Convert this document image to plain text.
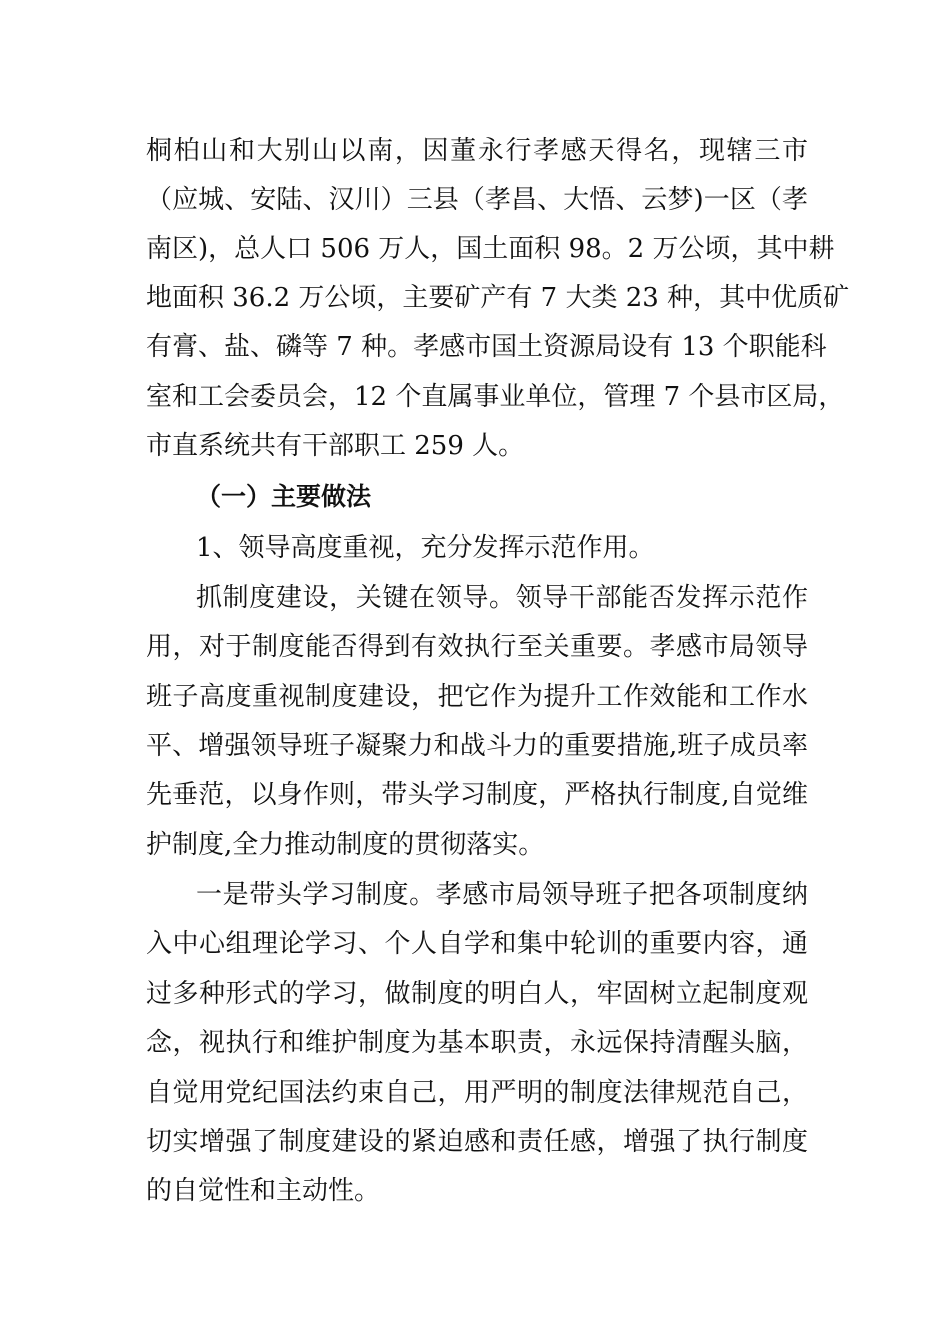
桐柏山和大别山以南，因董永行孝感天得名，现辖三市
（应城、安陆、汉川）三县（孝昌、大悟、云梦)一区（孝
南区)，总人口 506 万人，国土面积 98。2 万公顷，其中耕
地面积 36.2 万公顷，主要矿产有 7 大类 23 种，其中优质矿
有膏、盐、磷等 7 种。孝感市国土资源局设有 13 个职能科
室和工会委员会，12 个直属事业单位，管理 7 个县市区局，
市直系统共有干部职工 259 人。
（一）主要做法
1、领导高度重视，充分发挥示范作用。
抓制度建设，关键在领导。领导干部能否发挥示范作
用，对于制度能否得到有效执行至关重要。孝感市局领导
班子高度重视制度建设，把它作为提升工作效能和工作水
平、增强领导班子凝聚力和战斗力的重要措施,班子成员率
先垂范，以身作则，带头学习制度，严格执行制度,自觉维
护制度,全力推动制度的贯彻落实。
一是带头学习制度。孝感市局领导班子把各项制度纳
入中心组理论学习、个人自学和集中轮训的重要内容，通
过多种形式的学习，做制度的明白人，牢固树立起制度观
念，视执行和维护制度为基本职责，永远保持清醒头脑，
自觉用党纪国法约束自己，用严明的制度法律规范自己，
切实增强了制度建设的紧迫感和责任感，增强了执行制度
的自觉性和主动性。
